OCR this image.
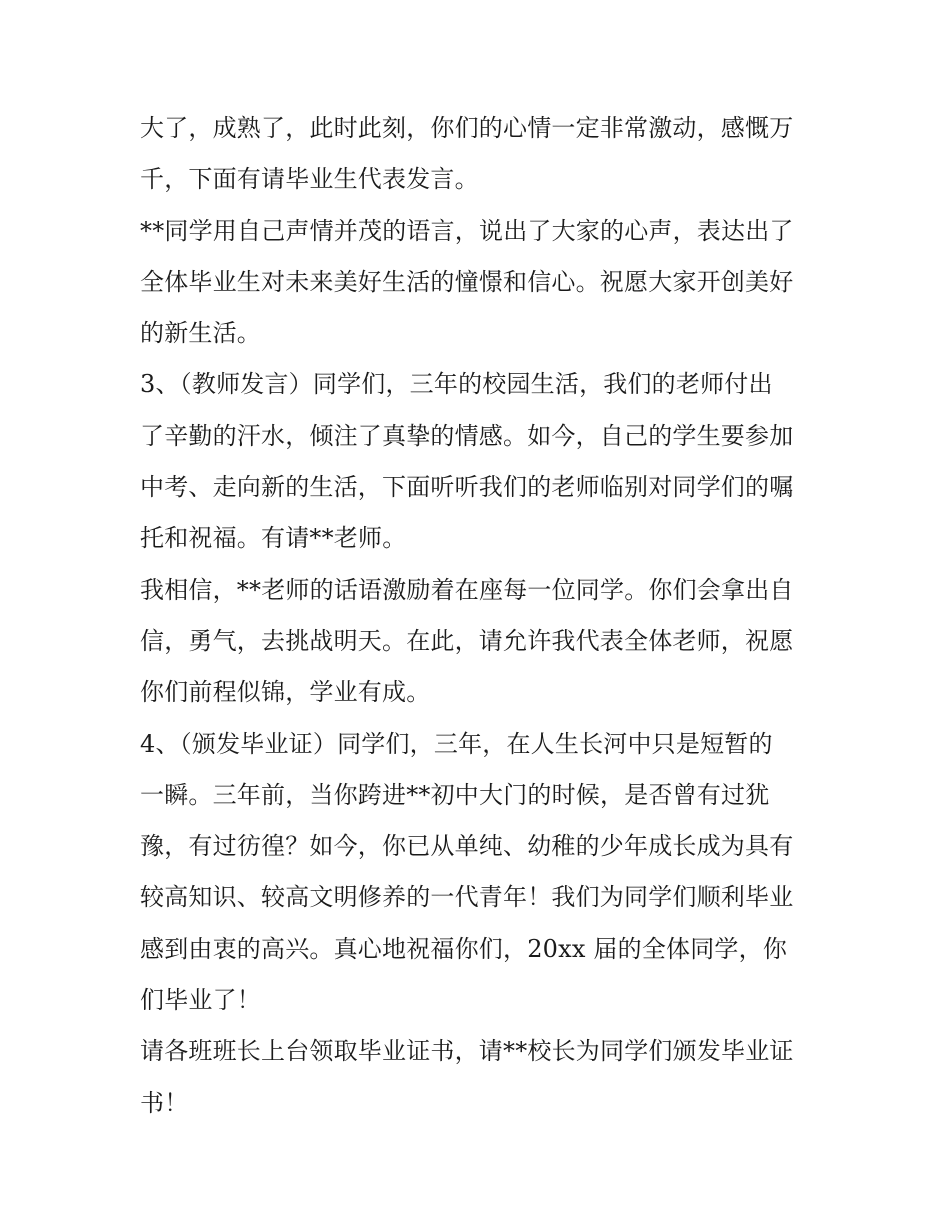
大了，成熟了，此时此刻，你们的心情一定非常激动，感慨万
千，下面有请毕业生代表发言。
**同学用自己声情并茂的语言，说出了大家的心声，表达出了
全体毕业生对未来美好生活的憧憬和信心。祝愿大家开创美好
的新生活。
3、（教师发言）同学们，三年的校园生活，我们的老师付出
了辛勤的汗水，倾注了真挚的情感。如今，自己的学生要参加
中考、走向新的生活，下面听听我们的老师临别对同学们的嘱
托和祝福。有请**老师。
我相信，**老师的话语激励着在座每一位同学。你们会拿出自
信，勇气，去挑战明天。在此，请允许我代表全体老师，祝愿
你们前程似锦，学业有成。
4、（颁发毕业证）同学们，三年，在人生长河中只是短暂的
一瞬。三年前，当你跨进**初中大门的时候，是否曾有过犹
豫，有过彷徨？如今，你已从单纯、幼稚的少年成长成为具有
较高知识、较高文明修养的一代青年！我们为同学们顺利毕业
感到由衷的高兴。真心地祝福你们，20xx 届的全体同学，你
们毕业了！
请各班班长上台领取毕业证书，请**校长为同学们颁发毕业证
书！
